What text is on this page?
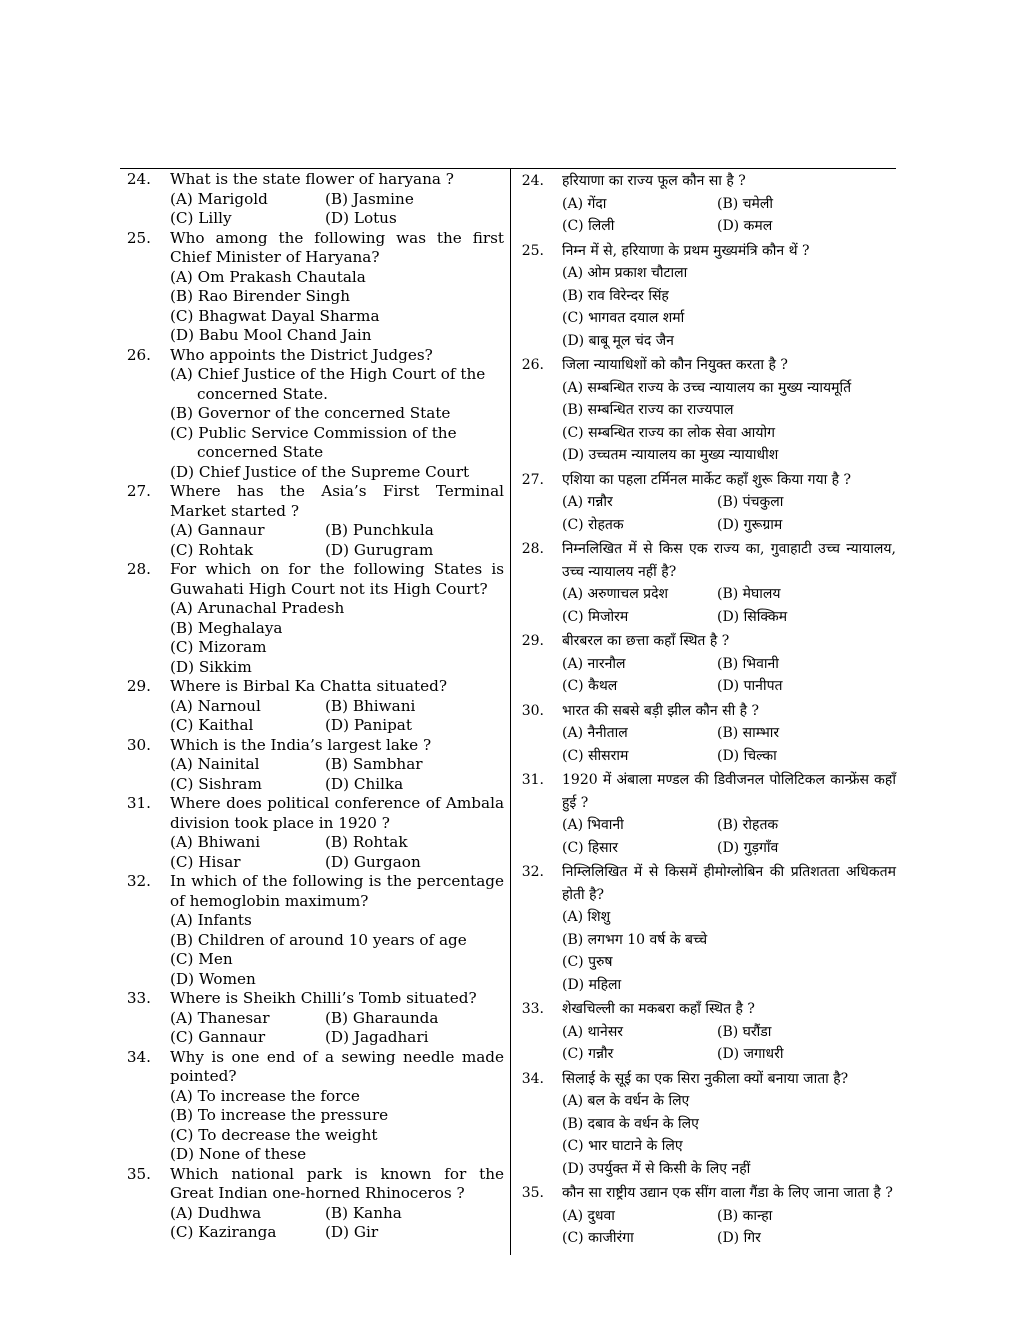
24. What is the state flower of haryana ?
(A) Marigold	(B) Jasmine
(C) Lilly	(D) Lotus
25. Who among the following was the first Chief Minister of Haryana?
(A) Om Prakash Chautala
(B) Rao Birender Singh
(C) Bhagwat Dayal Sharma
(D) Babu Mool Chand Jain
26. Who appoints the District Judges?
(A) Chief Justice of the High Court of the concerned State.
(B) Governor of the concerned State
(C) Public Service Commission of the concerned State
(D) Chief Justice of the Supreme Court
27. Where has the Asia’s First Terminal Market started ?
(A) Gannaur	(B) Punchkula
(C) Rohtak	(D) Gurugram
28. For which on for the following States is Guwahati High Court not its High Court?
(A) Arunachal Pradesh
(B) Meghalaya
(C) Mizoram
(D) Sikkim
29. Where is Birbal Ka Chatta situated?
(A) Narnoul	(B) Bhiwani
(C) Kaithal	(D) Panipat
30. Which is the India’s largest lake ?
(A) Nainital	(B) Sambhar
(C) Sishram	(D) Chilka
31. Where does political conference of Ambala division took place in 1920 ?
(A) Bhiwani	(B) Rohtak
(C) Hisar	(D) Gurgaon
32. In which of the following is the percentage of hemoglobin maximum?
(A) Infants
(B) Children of around 10 years of age
(C) Men
(D) Women
33. Where is Sheikh Chilli’s Tomb situated?
(A) Thanesar	(B) Gharaunda
(C) Gannaur	(D) Jagadhari
34. Why is one end of a sewing needle made pointed?
(A) To increase the force
(B) To increase the pressure
(C) To decrease the weight
(D) None of these
35. Which national park is known for the Great Indian one-horned Rhinoceros ?
(A) Dudhwa	(B) Kanha
(C) Kaziranga	(D) Gir
24. हरियाणा का राज्य फूल कौन सा है ?
(A) गेंदा	(B) चमेली
(C) लिली	(D) कमल
25. निम्न में से, हरियाणा के प्रथम मुख्यमंत्रि कौन थें ?
(A) ओम प्रकाश चौटाला
(B) राव विरेन्दर सिंह
(C) भागवत दयाल शर्मा
(D) बाबू मूल चंद जैन
26. जिला न्यायाधिशों को कौन नियुक्त करता है ?
(A) सम्बन्धित राज्य के उच्च न्यायालय का मुख्य न्यायमूर्ति
(B) सम्बन्धित राज्य का राज्यपाल
(C) सम्बन्धित राज्य का लोक सेवा आयोग
(D) उच्चतम न्यायालय का मुख्य न्यायाधीश
27. एशिया का पहला टर्मिनल मार्केट कहाँ शुरू किया गया है ?
(A) गन्नौर	(B) पंचकुला
(C) रोहतक	(D) गुरूग्राम
28. निम्नलिखित में से किस एक राज्य का, गुवाहाटी उच्च न्यायालय, उच्च न्यायालय नहीं है?
(A) अरुणाचल प्रदेश	(B) मेघालय
(C) मिजोरम	(D) सिक्किम
29. बीरबरल का छत्ता कहाँ स्थित है ?
(A) नारनौल	(B) भिवानी
(C) कैथल	(D) पानीपत
30. भारत की सबसे बड़ी झील कौन सी है ?
(A) नैनीताल	(B) साम्भार
(C) सीसराम	(D) चिल्का
31. 1920 में अंबाला मण्डल की डिवीजनल पोलिटिकल कान्फ्रेंस कहाँ हुई ?
(A) भिवानी	(B) रोहतक
(C) हिसार	(D) गुड़गाँव
32. निम्लिलिखित में से किसमें हीमोग्लोबिन की प्रतिशतता अधिकतम होती है?
(A) शिशु
(B) लगभग 10 वर्ष के बच्चे
(C) पुरुष
(D) महिला
33. शेखचिल्ली का मकबरा कहाँ स्थित है ?
(A) थानेसर	(B) घरौंडा
(C) गन्नौर	(D) जगाधरी
34. सिलाई के सूई का एक सिरा नुकीला क्यों बनाया जाता है?
(A) बल के वर्धन के लिए
(B) दबाव के वर्धन के लिए
(C) भार घाटाने के लिए
(D) उपर्युक्त में से किसी के लिए नहीं
35. कौन सा राष्ट्रीय उद्यान एक सींग वाला गैंडा के लिए जाना जाता है ?
(A) दुधवा	(B) कान्हा
(C) काजीरंगा	(D) गिर
